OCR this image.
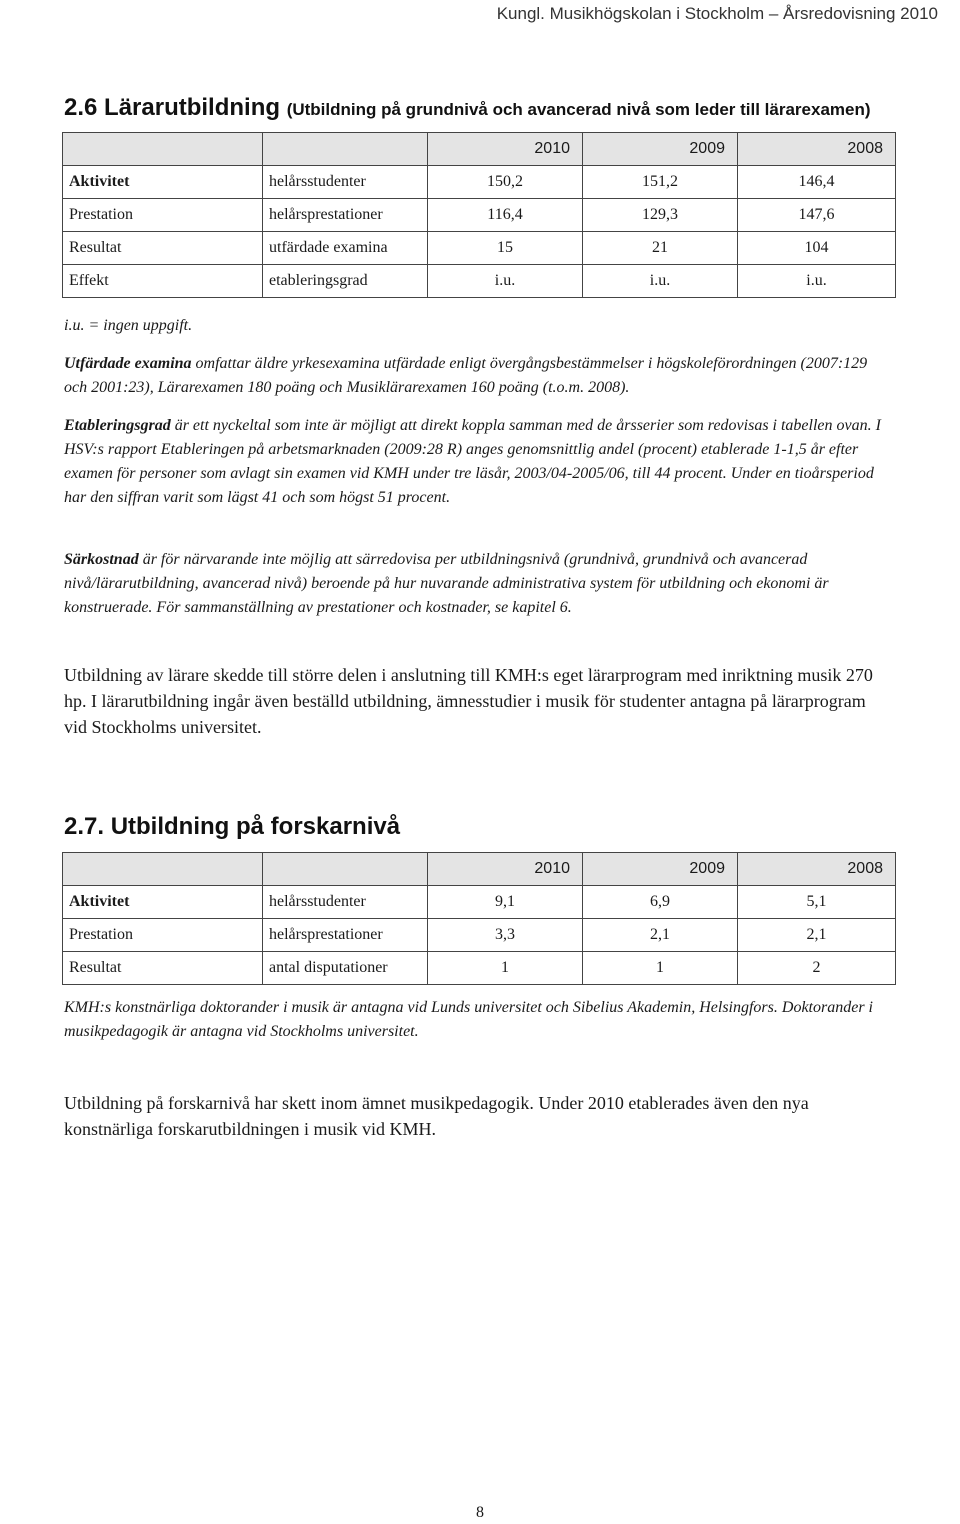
Kungl. Musikhögskolan i Stockholm – Årsredovisning 2010
2.6 Lärarutbildning (Utbildning på grundnivå och avancerad nivå som leder till lärarexamen)
		2010	2009	2008
Aktivitet	helårsstudenter	150,2	151,2	146,4
Prestation	helårsprestationer	116,4	129,3	147,6
Resultat	utfärdade examina	15	21	104
Effekt	etableringsgrad	i.u.	i.u.	i.u.

i.u. = ingen uppgift.

Utfärdade examina omfattar äldre yrkesexamina utfärdade enligt övergångsbestämmelser i högskoleförordningen (2007:129 och 2001:23), Lärarexamen 180 poäng och Musiklärarexamen 160 poäng (t.o.m. 2008).

Etableringsgrad är ett nyckeltal som inte är möjligt att direkt koppla samman med de årsserier som redovisas i tabellen ovan. I HSV:s rapport Etableringen på arbetsmarknaden (2009:28 R) anges genomsnittlig andel (procent) etablerade 1-1,5 år efter examen för personer som avlagt sin examen vid KMH under tre läsår, 2003/04-2005/06, till 44 procent. Under en tioårsperiod har den siffran varit som lägst 41 och som högst 51 procent.

Särkostnad är för närvarande inte möjlig att särredovisa per utbildningsnivå (grundnivå, grundnivå och avancerad nivå/lärarutbildning, avancerad nivå) beroende på hur nuvarande administrativa system för utbildning och ekonomi är konstruerade. För sammanställning av prestationer och kostnader, se kapitel 6.

Utbildning av lärare skedde till större delen i anslutning till KMH:s eget lärarprogram med inriktning musik 270 hp. I lärarutbildning ingår även beställd utbildning, ämnesstudier i musik för studenter antagna på lärarprogram vid Stockholms universitet.

2.7. Utbildning på forskarnivå
		2010	2009	2008
Aktivitet	helårsstudenter	9,1	6,9	5,1
Prestation	helårsprestationer	3,3	2,1	2,1
Resultat	antal disputationer	1	1	2

KMH:s konstnärliga doktorander i musik är antagna vid Lunds universitet och Sibelius Akademin, Helsingfors. Doktorander i musikpedagogik är antagna vid Stockholms universitet.

Utbildning på forskarnivå har skett inom ämnet musikpedagogik. Under 2010 etablerades även den nya konstnärliga forskarutbildningen i musik vid KMH.

8
